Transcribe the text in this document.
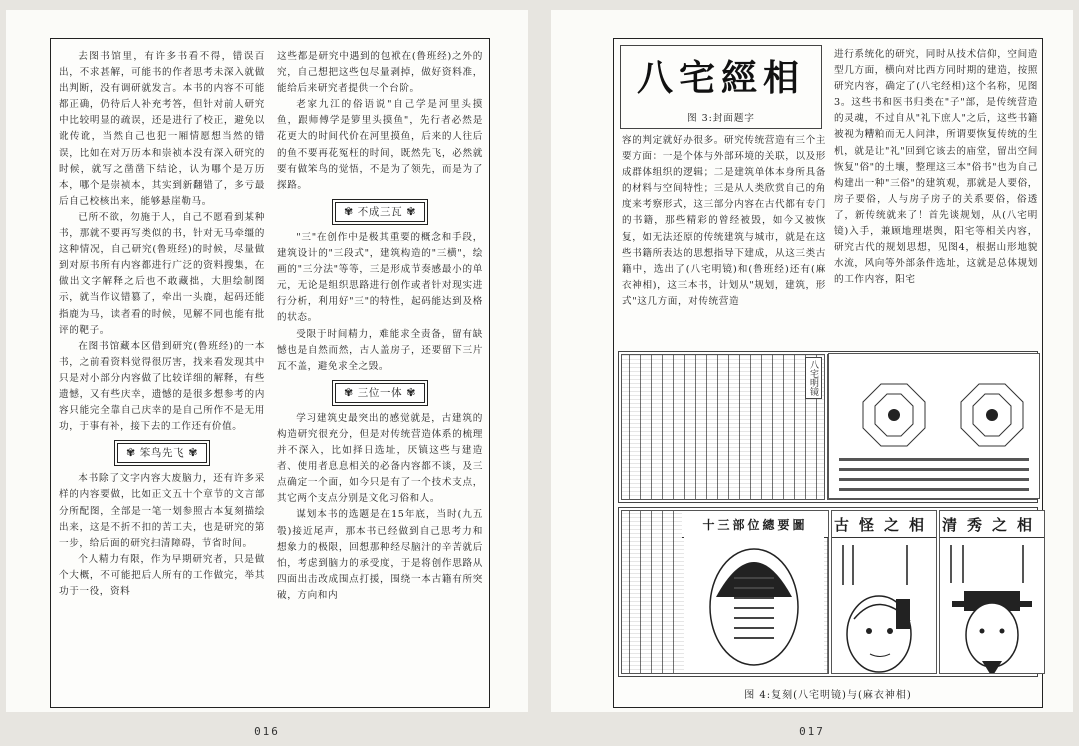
去图书馆里，有许多书看不得，错误百出，不求甚解，可能书的作者思考未深入就做出判断，没有调研就发言。本书的内容不可能都正确，仍待后人补充考答，但针对前人研究中比较明显的疏误，还是进行了校正，避免以讹传讹，当然自己也犯一厢情愿想当然的错误，比如在对万历本和崇祯本没有深入研究的时候，就写之凿凿下结论，认为哪个是万历本，哪个是崇祯本，其实到新翻错了，多亏最后自己校核出来，能够悬崖勒马。

已所不欲，勿施于人，自己不愿看到某种书，那就不要再写类似的书，针对无马牵缰的这种情况，自己研究(鲁班经)的时候，尽量做到对原书所有内容都进行广泛的资料搜集，在做出文字解释之后也不敢藏拙，大胆绘制图示，就当作议错篡了，牵出一头鹿，起码还能指鹿为马，读者看的时候，见解不同也能有批评的靶子。

在图书馆藏本区借到研究(鲁班经)的一本书，之前看资料觉得很厉害，找来看发现其中只是对小部分内容做了比较详细的解释，有些遗憾，又有些庆幸，遗憾的是很多想参考的内容只能完全靠自己庆幸的是自己所作不是无用功，于事有补，接下去的工作还有价值。

✾ 笨鸟先飞 ✾

本书除了文字内容大废脑力，还有许多采样的内容要做，比如正文五十个章节的文言部分所配图，全部是一笔一划参照古本复刻描绘出来，这是不折不扣的苦工夫，也是研究的第一步，给后面的研究扫清障碍，节省时间。

个人精力有限，作为早期研究者，只是做个大概，不可能把后人所有的工作做完，举其功于一役，资料

这些都是研究中遇到的包袱在(鲁班经)之外的究，自己想把这些包尽量剥掉，做好资料准，能给后来研究者提供一个台阶。

老家九江的俗语说"自己学是河里头摸鱼，跟师傅学是箩里头摸鱼"，先行者必然是花更大的时间代价在河里摸鱼，后来的人往后的鱼不要再花冤枉的时间，既然先飞，必然就要有做笨鸟的觉悟，不是为了领先，而是为了探路。

✾ 不成三瓦 ✾

"三"在创作中是极其重要的概念和手段，建筑设计的"三段式"，建筑构造的"三横"，绘画的"三分法"等等，三是形成节奏感最小的单元，无论是组织思路进行创作或者针对现实进行分析，利用好"三"的特性，起码能达到及格的状态。

受限于时间精力，难能求全责备，留有缺憾也是自然而然，古人盖房子，还要留下三片瓦不盖，避免求全之毁。

✾ 三位一体 ✾

学习建筑史最突出的感觉就是，古建筑的构造研究很充分，但是对传统营造体系的梳理并不深入，比如择日选址，厌镇这些与建造者、使用者息息相关的必备内容都不谈，及三点确定一个面，如今只是有了一个技术支点，其它两个支点分别是文化习俗和人。

谋划本书的选题是在15年底，当时(九五彀)接近尾声，那本书已经做到自己思考力和想象力的极限，回想那种经尽脑汁的辛苦就后怕，考虑到脑力的承受度，于是将创作思路从四面出击改成围点打援，围绕一本古籍有所突破，方向和内

016
八宅經相
图 3:封面题字

进行系统化的研究，同时从技术信仰，空间造型几方面，横向对比西方同时期的建造，按照研究内容，确定了(八宅经相)这个名称，见图3。这些书和医书归类在"子"部，是传统营造的灵魂，不过自从"礼下庶人"之后，这些书籍被视为糟粕而无人问津，所谓要恢复传统的生机，就是让"礼"回到它该去的庙堂，留出空间恢复"俗"的土壤，整理这三本"俗书"也为自己构建出一种"三俗"的建筑观，那就是人要俗，房子要俗，人与房子房子的关系要俗，俗透了，新传统就来了！首先谈规划，从(八宅明镜)入手，兼顾地理堪舆，阳宅等相关内容，研究古代的规划思想，见图4，根据山形地貌水流，风向等外部条件选址，这就是总体规划的工作内容，阳宅

容的判定就好办很多。研究传统营造有三个主要方面：一是个体与外部环境的关联，以及形成群体组织的逻辑；二是建筑单体本身所具备的材料与空间特性；三是从人类欣赏自己的角度来考察形式，这三部分内容在古代都有专门的书籍，那些精彩的曾经被毁，如今又被恢复，如无法还原的传统建筑与城市，就是在这些书籍所表达的思想指导下建成，从这三类古籍中，选出了(八宅明镜)和(鲁班经)还有(麻衣神相)，这三本书，计划从"规划，建筑，形式"这几方面，对传统营造

八宅明镜
十三部位總要圖	古怪之相 清秀之相
图 4:复刻(八宅明镜)与(麻衣神相)
017
